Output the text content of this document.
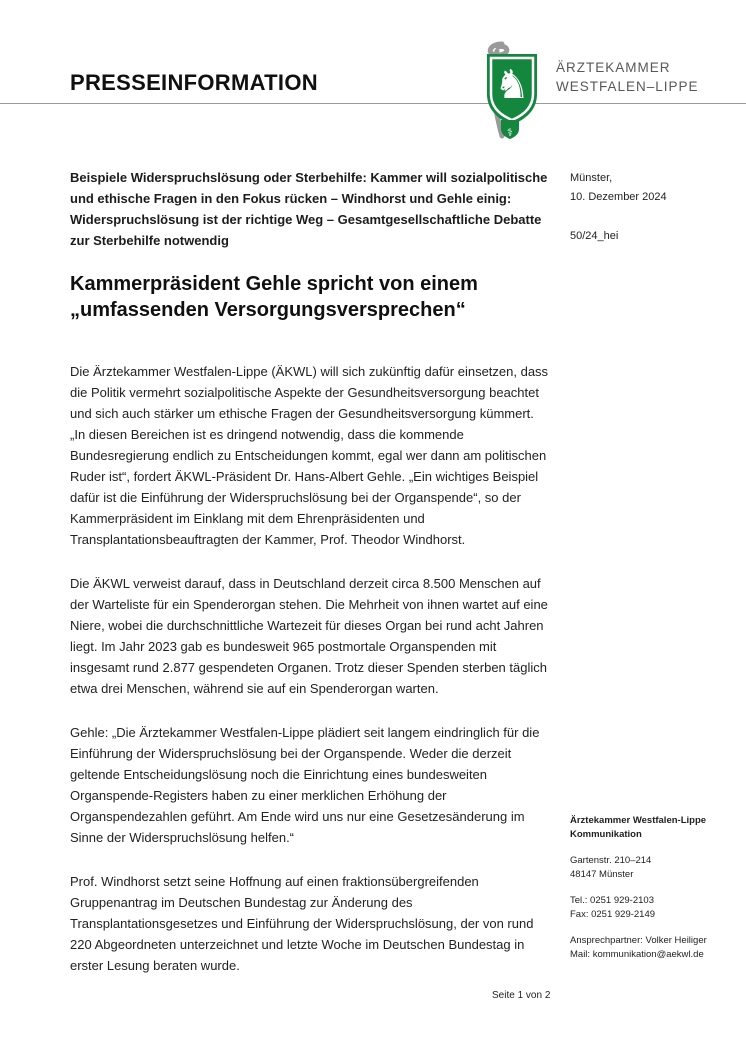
PRESSEINFORMATION	♞
⚕
ÄRZTEKAMMER
WESTFALEN–LIPPE

Beispiele Widerspruchslösung oder Sterbehilfe: Kammer will sozialpolitische und ethische Fragen in den Fokus rücken – Windhorst und Gehle einig: Widerspruchslösung ist der richtige Weg – Gesamtgesellschaftliche Debatte zur Sterbehilfe notwendig

Kammerpräsident Gehle spricht von einem „umfassenden Versorgungsversprechen“

Die Ärztekammer Westfalen-Lippe (ÄKWL) will sich zukünftig dafür einsetzen, dass die Politik vermehrt sozialpolitische Aspekte der Gesundheitsversorgung beachtet und sich auch stärker um ethische Fragen der Gesundheitsversorgung kümmert. „In diesen Bereichen ist es dringend notwendig, dass die kommende Bundesregierung endlich zu Entscheidungen kommt, egal wer dann am politischen Ruder ist“, fordert ÄKWL-Präsident Dr. Hans-Albert Gehle. „Ein wichtiges Beispiel dafür ist die Einführung der Widerspruchslösung bei der Organspende“, so der Kammerpräsident im Einklang mit dem Ehrenpräsidenten und Transplantationsbeauftragten der Kammer, Prof. Theodor Windhorst.

Die ÄKWL verweist darauf, dass in Deutschland derzeit circa 8.500 Menschen auf der Warteliste für ein Spenderorgan stehen. Die Mehrheit von ihnen wartet auf eine Niere, wobei die durchschnittliche Wartezeit für dieses Organ bei rund acht Jahren liegt. Im Jahr 2023 gab es bundesweit 965 postmortale Organspenden mit insgesamt rund 2.877 gespendeten Organen. Trotz dieser Spenden sterben täglich etwa drei Menschen, während sie auf ein Spenderorgan warten.

Gehle: „Die Ärztekammer Westfalen-Lippe plädiert seit langem eindringlich für die Einführung der Widerspruchslösung bei der Organspende. Weder die derzeit geltende Entscheidungslösung noch die Einrichtung eines bundesweiten Organspende-Registers haben zu einer merklichen Erhöhung der Organspendezahlen geführt. Am Ende wird uns nur eine Gesetzesänderung im Sinne der Widerspruchslösung helfen.“

Prof. Windhorst setzt seine Hoffnung auf einen fraktionsübergreifenden Gruppenantrag im Deutschen Bundestag zur Änderung des Transplantationsgesetzes und Einführung der Widerspruchslösung, der von rund 220 Abgeordneten unterzeichnet und letzte Woche im Deutschen Bundestag in erster Lesung beraten wurde.

Münster,
10. Dezember 2024
50/24_hei
Ärztekammer Westfalen-Lippe
Kommunikation
Gartenstr. 210–214
48147 Münster
Tel.: 0251 929-2103
Fax: 0251 929-2149
Ansprechpartner: Volker Heiliger
Mail: kommunikation@aekwl.de
Seite 1 von 2
